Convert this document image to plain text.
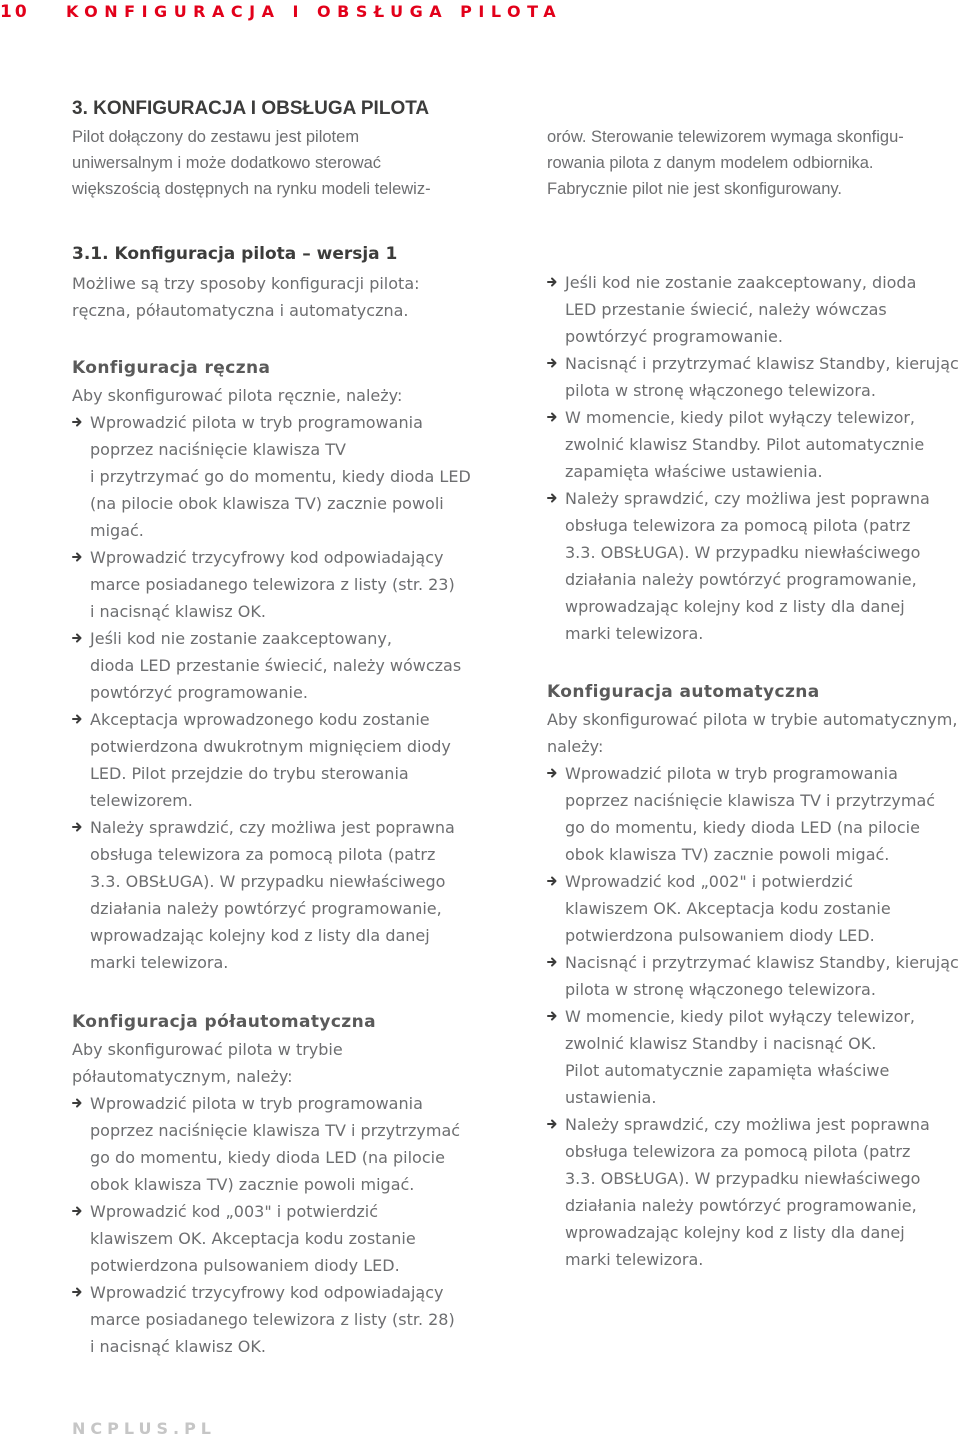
10 KONFIGURACJA I OBSŁUGA PILOTA
3. KONFIGURACJA I OBSŁUGA PILOTA
Pilot dołączony do zestawu jest pilotem
uniwersalnym i może dodatkowo sterować
większością dostępnych na rynku modeli telewiz-
orów. Sterowanie telewizorem wymaga skonfigu-
rowania pilota z danym modelem odbiornika.
Fabrycznie pilot nie jest skonfigurowany.
3.1. Konfiguracja pilota – wersja 1
Możliwe są trzy sposoby konfiguracji pilota:
ręczna, półautomatyczna i automatyczna.
Konfiguracja ręczna
Aby skonfigurować pilota ręcznie, należy:
Wprowadzić pilota w tryb programowania
poprzez naciśnięcie klawisza TV
i przytrzymać go do momentu, kiedy dioda LED
(na pilocie obok klawisza TV) zacznie powoli
migać.
Wprowadzić trzycyfrowy kod odpowiadający
marce posiadanego telewizora z listy (str. 23)
i nacisnąć klawisz OK.
Jeśli kod nie zostanie zaakceptowany,
dioda LED przestanie świecić, należy wówczas
powtórzyć programowanie.
Akceptacja wprowadzonego kodu zostanie
potwierdzona dwukrotnym mignięciem diody
LED. Pilot przejdzie do trybu sterowania
telewizorem.
Należy sprawdzić, czy możliwa jest poprawna
obsługa telewizora za pomocą pilota (patrz
3.3. OBSŁUGA). W przypadku niewłaściwego
działania należy powtórzyć programowanie,
wprowadzając kolejny kod z listy dla danej
marki telewizora.
Konfiguracja półautomatyczna
Aby skonfigurować pilota w trybie
półautomatycznym, należy:
Wprowadzić pilota w tryb programowania
poprzez naciśnięcie klawisza TV i przytrzymać
go do momentu, kiedy dioda LED (na pilocie
obok klawisza TV) zacznie powoli migać.
Wprowadzić kod „003" i potwierdzić
klawiszem OK. Akceptacja kodu zostanie
potwierdzona pulsowaniem diody LED.
Wprowadzić trzycyfrowy kod odpowiadający
marce posiadanego telewizora z listy (str. 28)
i nacisnąć klawisz OK.
Jeśli kod nie zostanie zaakceptowany, dioda
LED przestanie świecić, należy wówczas
powtórzyć programowanie.
Nacisnąć i przytrzymać klawisz Standby, kierując
pilota w stronę włączonego telewizora.
W momencie, kiedy pilot wyłączy telewizor,
zwolnić klawisz Standby. Pilot automatycznie
zapamięta właściwe ustawienia.
Należy sprawdzić, czy możliwa jest poprawna
obsługa telewizora za pomocą pilota (patrz
3.3. OBSŁUGA). W przypadku niewłaściwego
działania należy powtórzyć programowanie,
wprowadzając kolejny kod z listy dla danej
marki telewizora.
Konfiguracja automatyczna
Aby skonfigurować pilota w trybie automatycznym,
należy:
Wprowadzić pilota w tryb programowania
poprzez naciśnięcie klawisza TV i przytrzymać
go do momentu, kiedy dioda LED (na pilocie
obok klawisza TV) zacznie powoli migać.
Wprowadzić kod „002" i potwierdzić
klawiszem OK. Akceptacja kodu zostanie
potwierdzona pulsowaniem diody LED.
Nacisnąć i przytrzymać klawisz Standby, kierując
pilota w stronę włączonego telewizora.
W momencie, kiedy pilot wyłączy telewizor,
zwolnić klawisz Standby i nacisnąć OK.
Pilot automatycznie zapamięta właściwe
ustawienia.
Należy sprawdzić, czy możliwa jest poprawna
obsługa telewizora za pomocą pilota (patrz
3.3. OBSŁUGA). W przypadku niewłaściwego
działania należy powtórzyć programowanie,
wprowadzając kolejny kod z listy dla danej
marki telewizora.
NCPLUS.PL
